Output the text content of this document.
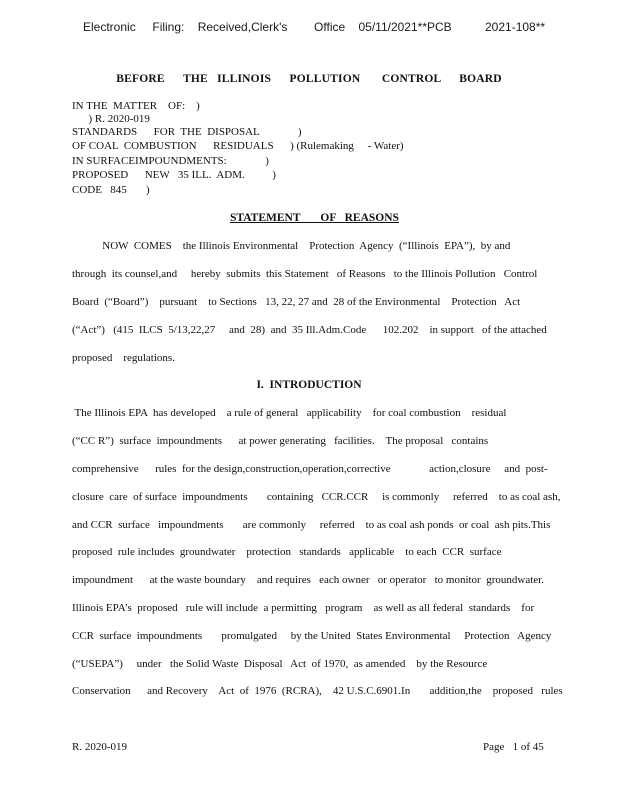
Electronic     Filing:    Received,Clerk's        Office    05/11/2021**PCB          2021-108**
BEFORE      THE   ILLINOIS      POLLUTION       CONTROL      BOARD
IN THE  MATTER    OF:    )
) R. 2020-019
STANDARDS      FOR  THE  DISPOSAL              )
OF COAL  COMBUSTION      RESIDUALS      ) (Rulemaking     - Water)
IN SURFACEIMPOUNDMENTS:              )
PROPOSED      NEW   35 ILL.  ADM.          )
CODE   845       )
STATEMENT       OF   REASONS
NOW  COMES    the Illinois Environmental    Protection  Agency  (“Illinois  EPA”),  by and
through  its counsel,and     hereby  submits  this Statement   of Reasons   to the Illinois Pollution   Control
Board  (“Board”)    pursuant    to Sections   13, 22, 27 and  28 of the Environmental    Protection   Act
(“Act”)   (415  ILCS  5/13,22,27     and  28)  and  35 Ill.Adm.Code      102.202    in support   of the attached
proposed    regulations.
I.  INTRODUCTION
The Illinois EPA  has developed    a rule of general   applicability    for coal combustion    residual
(“CC R”)  surface  impoundments      at power generating   facilities.    The proposal   contains
comprehensive      rules  for the design,construction,operation,corrective              action,closure     and  post-
closure  care  of surface  impoundments       containing   CCR.CCR     is commonly     referred    to as coal ash,
and CCR  surface   impoundments       are commonly     referred    to as coal ash ponds  or coal  ash pits.This
proposed  rule includes  groundwater    protection   standards   applicable    to each  CCR  surface
impoundment      at the waste boundary    and requires   each owner   or operator   to monitor  groundwater.
Illinois EPA’s  proposed   rule will include  a permitting   program    as well as all federal  standards    for
CCR  surface  impoundments       promulgated     by the United  States Environmental     Protection   Agency
(“USEPA”)     under   the Solid Waste  Disposal   Act  of 1970,  as amended    by the Resource
Conservation      and Recovery    Act  of  1976  (RCRA),    42 U.S.C.6901.In       addition,the    proposed   rules
R. 2020-019	Page   1 of 45
